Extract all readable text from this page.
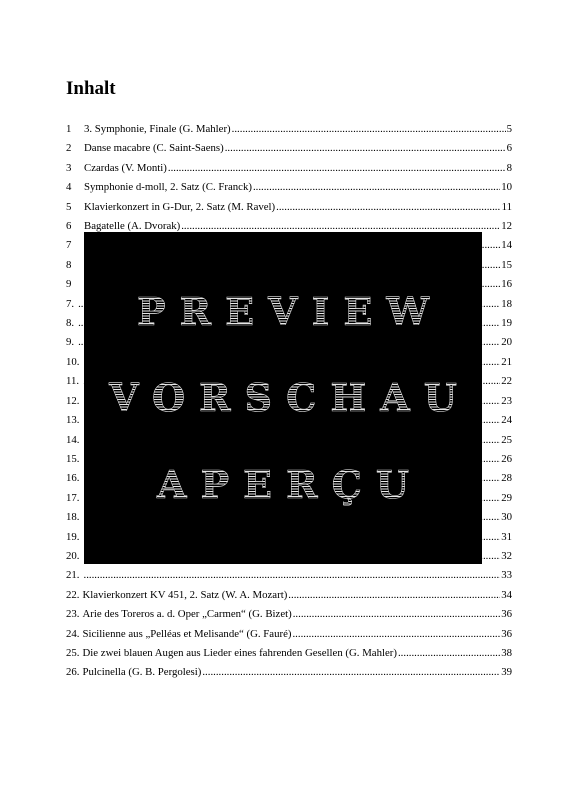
Inhalt
1	3. Symphonie, Finale (G. Mahler) .....	5
2	Danse macabre (C. Saint-Saens) .....	6
3	Czardas (V. Monti) .....	8
4	Symphonie d-moll, 2. Satz (C. Franck) .....	10
5	Klavierkonzert in G-Dur, 2. Satz (M. Ravel) .....	11
6	Bagatelle (A. Dvorak) .....	12
7 .....	14
8 .....	15
9 .....	16
7. .....	18
8. .....	19
9. .....	20
10. .....	21
11. .....	22
12. .....	23
13. .....	24
14. .....	25
15. .....	26
16. .....	28
17. .....	29
18. .....	30
19. .....	31
20. .....	32
21. .....	33
22. Klavierkonzert KV 451, 2. Satz (W. A. Mozart) .....	34
23. Arie des Toreros a. d. Oper „Carmen“ (G. Bizet) .....	36
24. Sicilienne aus „Pelléas et Melisande“ (G. Fauré) .....	36
25. Die zwei blauen Augen aus Lieder eines fahrenden Gesellen (G. Mahler) .....	38
26. Pulcinella (G. B. Pergolesi) .....	39
PREVIEW
VORSCHAU
APERÇU
